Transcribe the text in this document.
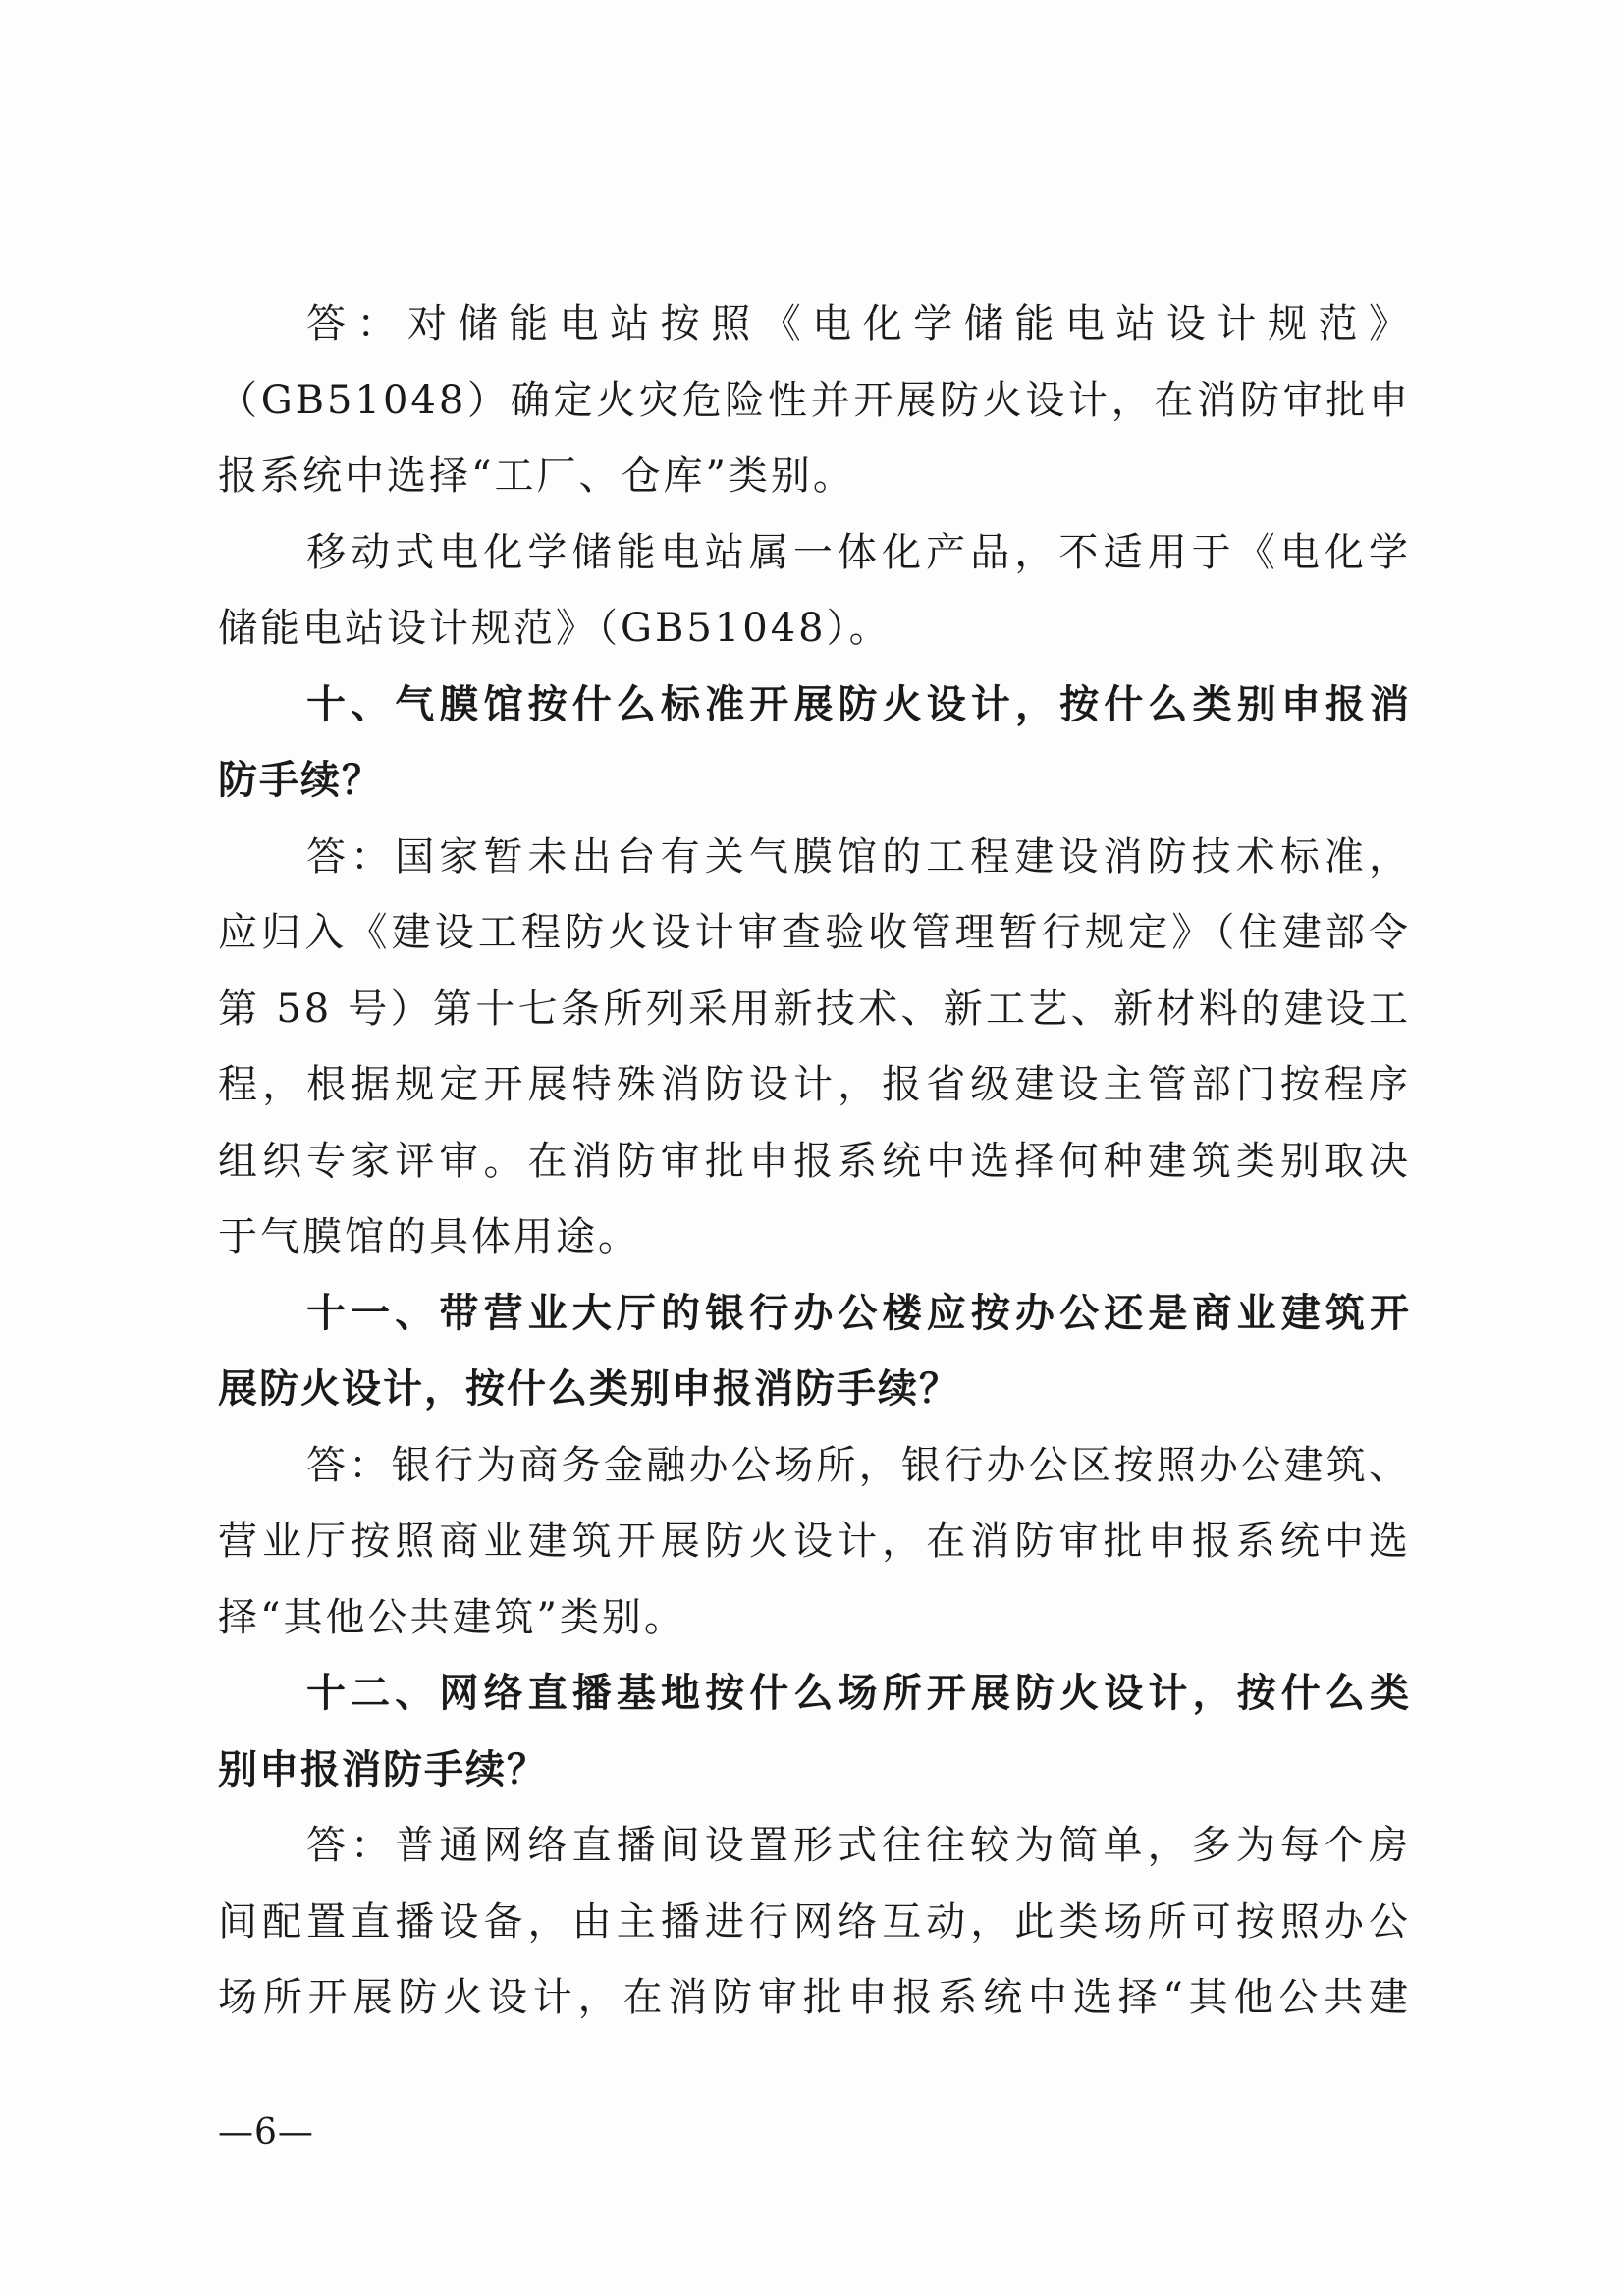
答：对储能电站按照《电化学储能电站设计规范》
（GB51048）确定火灾危险性并开展防火设计，在消防审批申
报系统中选择“工厂、仓库”类别。

移动式电化学储能电站属一体化产品，不适用于《电化学
储能电站设计规范》（GB51048）。

十、气膜馆按什么标准开展防火设计，按什么类别申报消
防手续？

答：国家暂未出台有关气膜馆的工程建设消防技术标准，
应归入《建设工程防火设计审查验收管理暂行规定》（住建部令
第 58 号）第十七条所列采用新技术、新工艺、新材料的建设工
程，根据规定开展特殊消防设计，报省级建设主管部门按程序
组织专家评审。在消防审批申报系统中选择何种建筑类别取决
于气膜馆的具体用途。

十一、带营业大厅的银行办公楼应按办公还是商业建筑开
展防火设计，按什么类别申报消防手续？

答：银行为商务金融办公场所，银行办公区按照办公建筑、
营业厅按照商业建筑开展防火设计，在消防审批申报系统中选
择“其他公共建筑”类别。

十二、网络直播基地按什么场所开展防火设计，按什么类
别申报消防手续？

答：普通网络直播间设置形式往往较为简单，多为每个房
间配置直播设备，由主播进行网络互动，此类场所可按照办公
场所开展防火设计，在消防审批申报系统中选择“其他公共建

—6—
